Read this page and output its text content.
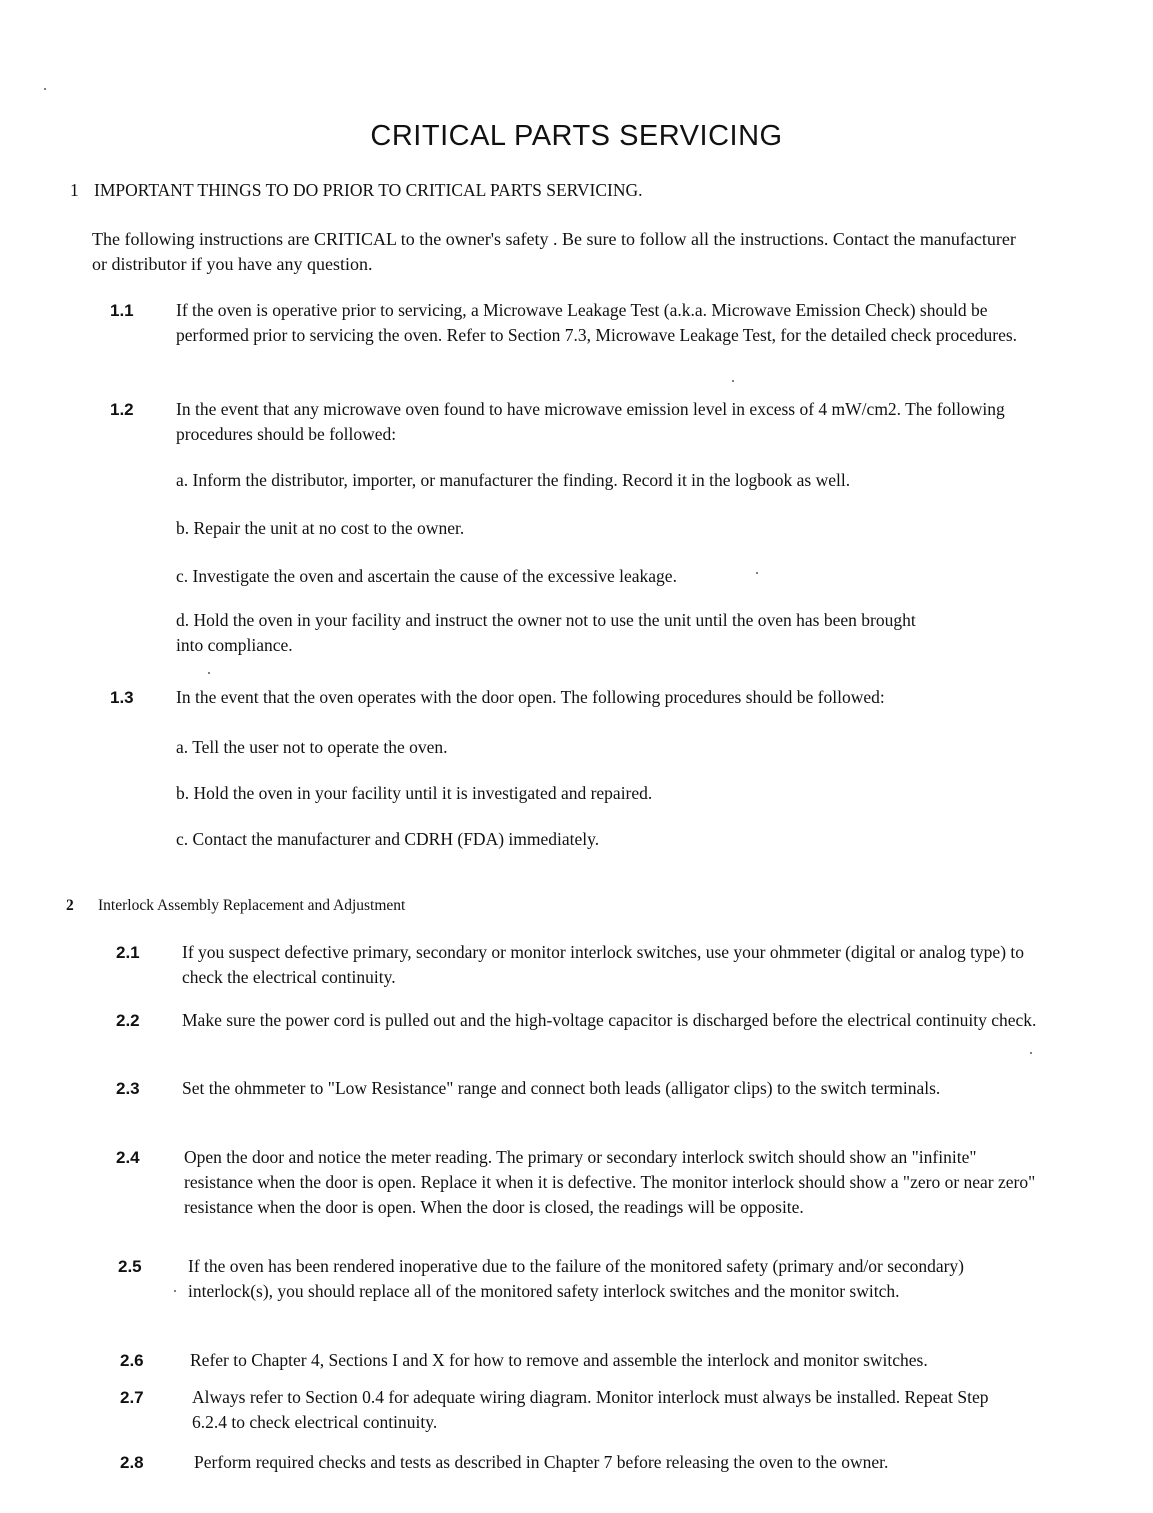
CRITICAL PARTS SERVICING
1 IMPORTANT THINGS TO DO PRIOR TO CRITICAL PARTS SERVICING.
The following instructions are CRITICAL to the owner's safety . Be sure to follow all the instructions. Contact the manufacturer or distributor if you have any question.
1.1 If the oven is operative prior to servicing, a Microwave Leakage Test (a.k.a. Microwave Emission Check) should be performed prior to servicing the oven. Refer to Section 7.3, Microwave Leakage Test, for the detailed check procedures.
1.2 In the event that any microwave oven found to have microwave emission level in excess of 4 mW/cm2. The following procedures should be followed:
a. Inform the distributor, importer, or manufacturer the finding. Record it in the logbook as well.
b. Repair the unit at no cost to the owner.
c. Investigate the oven and ascertain the cause of the excessive leakage.
d. Hold the oven in your facility and instruct the owner not to use the unit until the oven has been brought into compliance.
1.3 In the event that the oven operates with the door open. The following procedures should be followed:
a. Tell the user not to operate the oven.
b. Hold the oven in your facility until it is investigated and repaired.
c. Contact the manufacturer and CDRH (FDA) immediately.
2 Interlock Assembly Replacement and Adjustment
2.1 If you suspect defective primary, secondary or monitor interlock switches, use your ohmmeter (digital or analog type) to check the electrical continuity.
2.2 Make sure the power cord is pulled out and the high-voltage capacitor is discharged before the electrical continuity check.
2.3 Set the ohmmeter to "Low Resistance" range and connect both leads (alligator clips) to the switch terminals.
2.4	Open the door and notice the meter reading. The primary or secondary interlock switch should show an "infinite" resistance when the door is open. Replace it when it is defective. The monitor interlock should show a "zero or near zero" resistance when the door is open. When the door is closed, the readings will be opposite.
2.5	If the oven has been rendered inoperative due to the failure of the monitored safety (primary and/or secondary) interlock(s), you should replace all of the monitored safety interlock switches and the monitor switch.
2.6	Refer to Chapter 4, Sections I and X for how to remove and assemble the interlock and monitor switches.
2.7	Always refer to Section 0.4 for adequate wiring diagram. Monitor interlock must always be installed. Repeat Step 6.2.4 to check electrical continuity.
2.8	Perform required checks and tests as described in Chapter 7 before releasing the oven to the owner.
